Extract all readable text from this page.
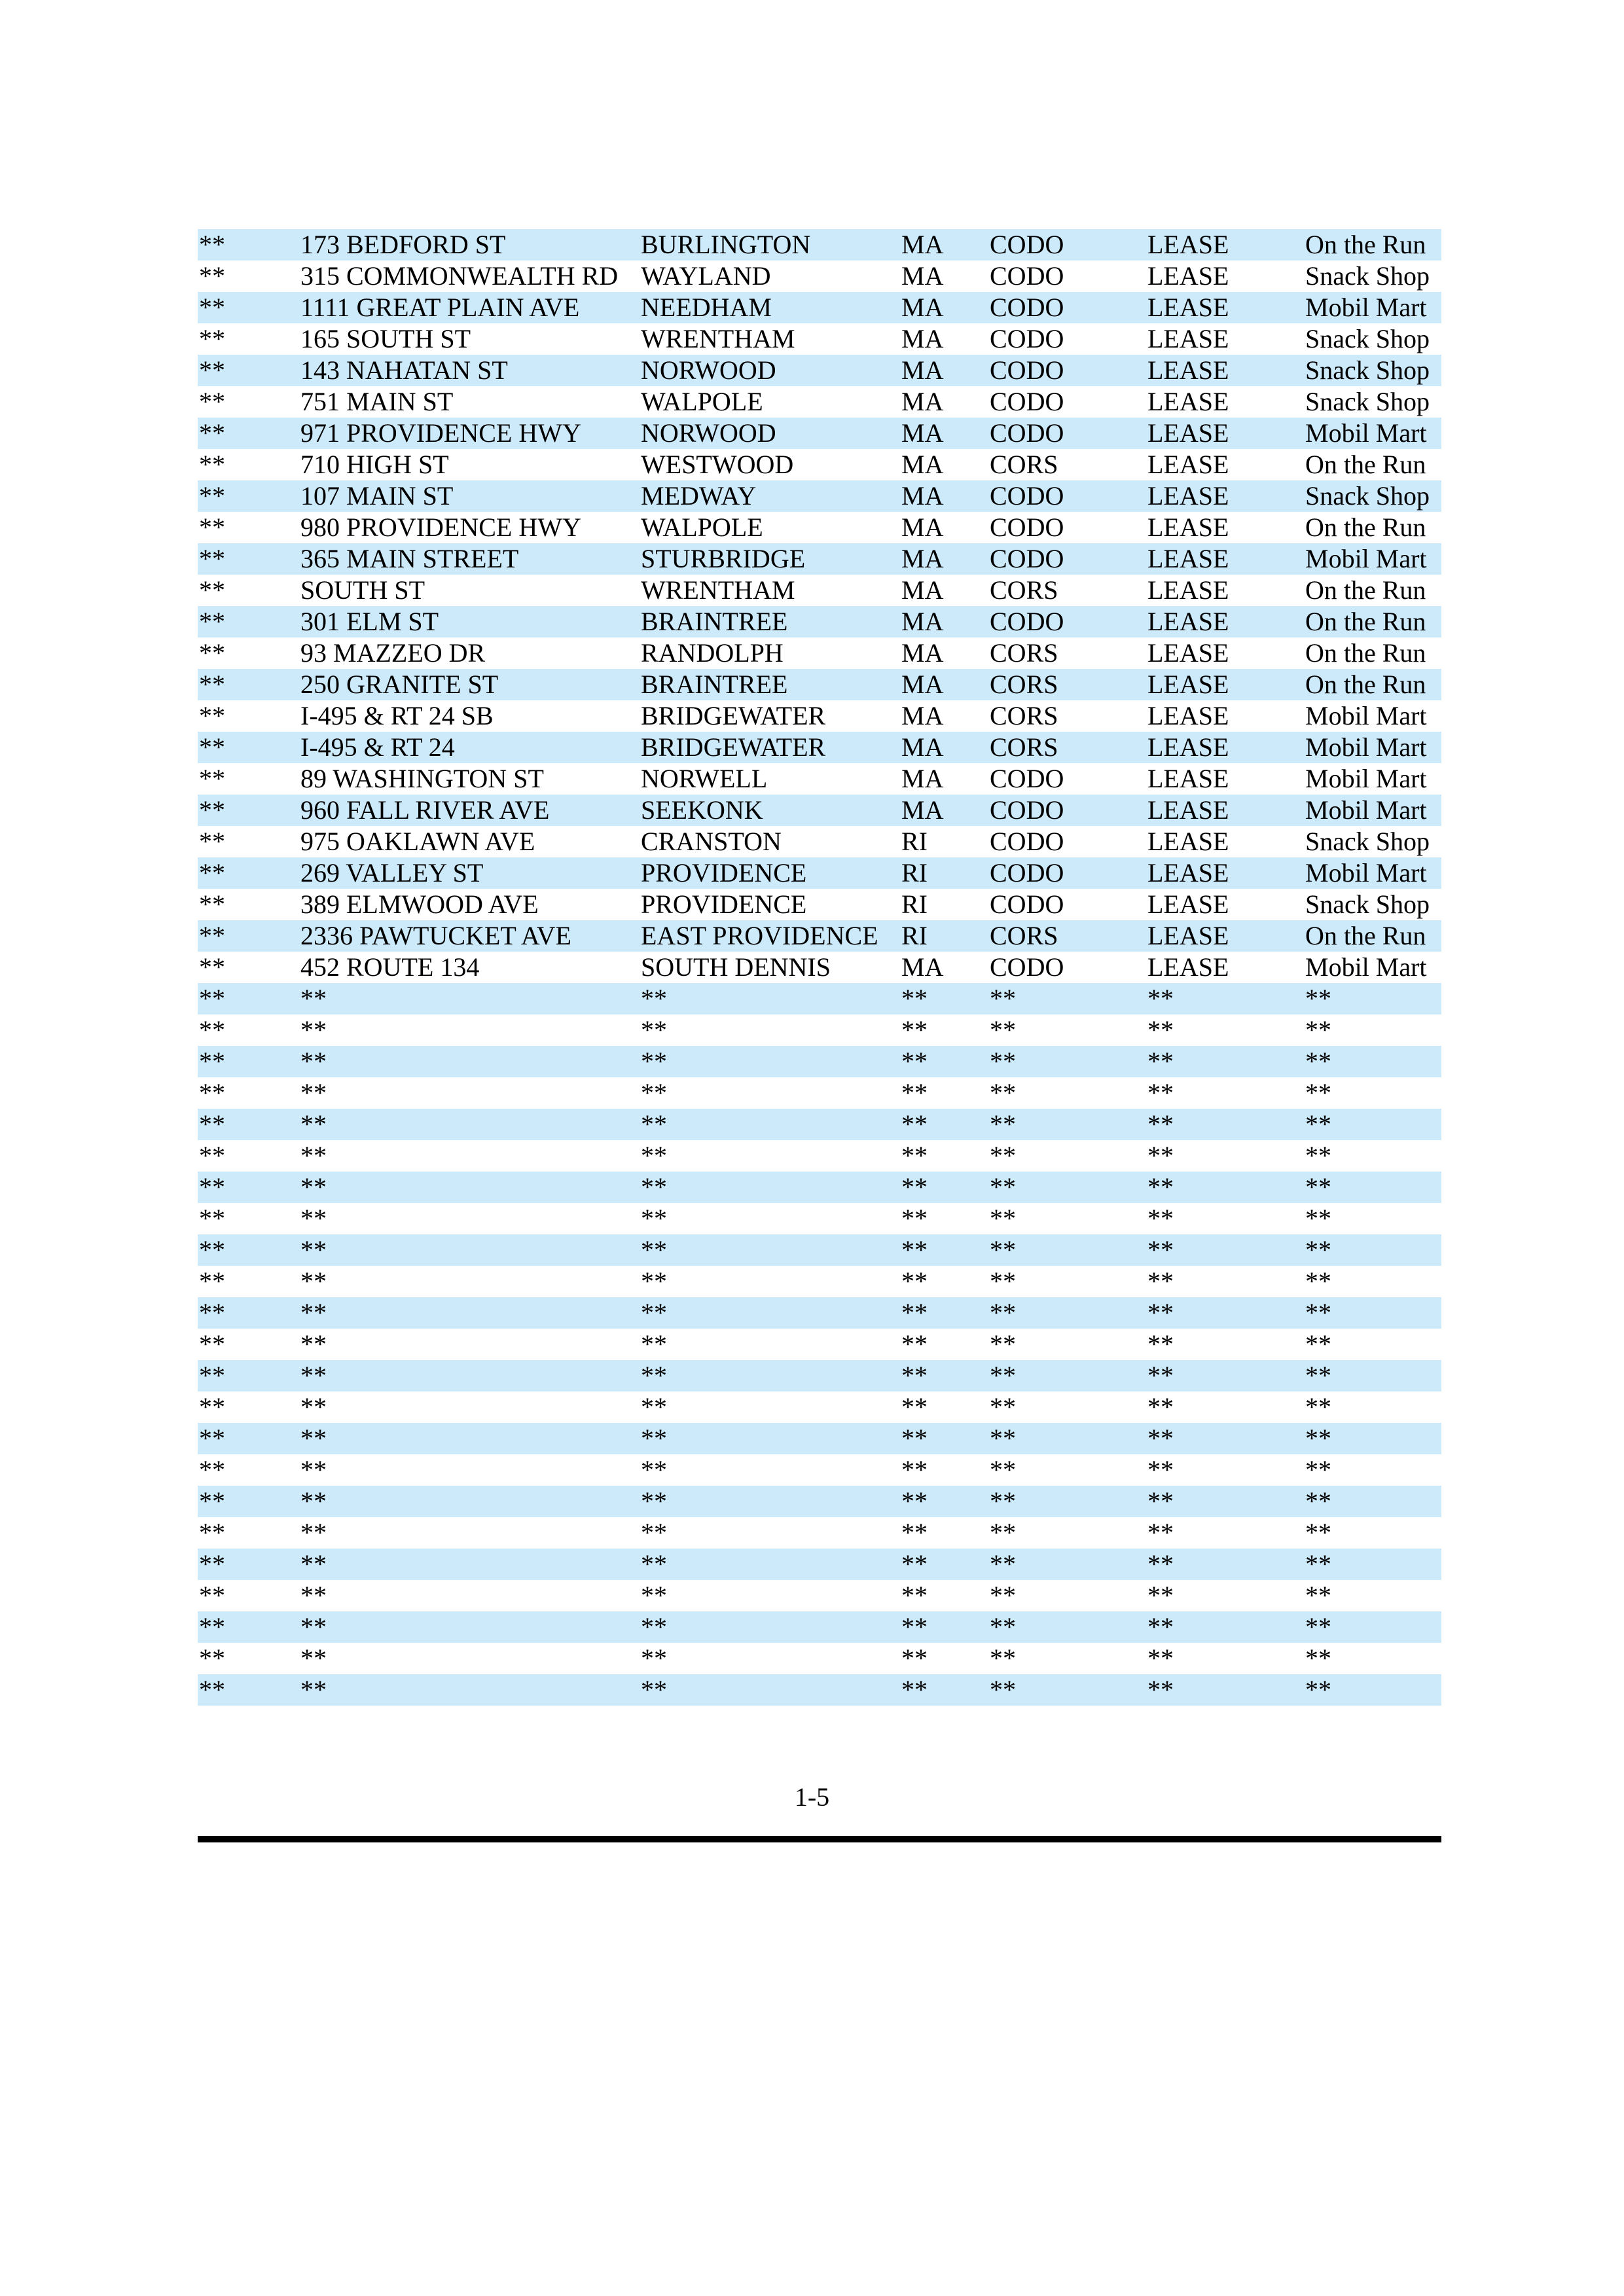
**	173 BEDFORD ST	BURLINGTON	MA	CODO	LEASE	On the Run
**	315 COMMONWEALTH RD	WAYLAND	MA	CODO	LEASE	Snack Shop
**	1111 GREAT PLAIN AVE	NEEDHAM	MA	CODO	LEASE	Mobil Mart
**	165 SOUTH ST	WRENTHAM	MA	CODO	LEASE	Snack Shop
**	143 NAHATAN ST	NORWOOD	MA	CODO	LEASE	Snack Shop
**	751 MAIN ST	WALPOLE	MA	CODO	LEASE	Snack Shop
**	971 PROVIDENCE HWY	NORWOOD	MA	CODO	LEASE	Mobil Mart
**	710 HIGH ST	WESTWOOD	MA	CORS	LEASE	On the Run
**	107 MAIN ST	MEDWAY	MA	CODO	LEASE	Snack Shop
**	980 PROVIDENCE HWY	WALPOLE	MA	CODO	LEASE	On the Run
**	365 MAIN STREET	STURBRIDGE	MA	CODO	LEASE	Mobil Mart
**	SOUTH ST	WRENTHAM	MA	CORS	LEASE	On the Run
**	301 ELM ST	BRAINTREE	MA	CODO	LEASE	On the Run
**	93 MAZZEO DR	RANDOLPH	MA	CORS	LEASE	On the Run
**	250 GRANITE ST	BRAINTREE	MA	CORS	LEASE	On the Run
**	I-495 & RT 24 SB	BRIDGEWATER	MA	CORS	LEASE	Mobil Mart
**	I-495 & RT 24	BRIDGEWATER	MA	CORS	LEASE	Mobil Mart
**	89 WASHINGTON ST	NORWELL	MA	CODO	LEASE	Mobil Mart
**	960 FALL RIVER AVE	SEEKONK	MA	CODO	LEASE	Mobil Mart
**	975 OAKLAWN AVE	CRANSTON	RI	CODO	LEASE	Snack Shop
**	269 VALLEY ST	PROVIDENCE	RI	CODO	LEASE	Mobil Mart
**	389 ELMWOOD AVE	PROVIDENCE	RI	CODO	LEASE	Snack Shop
**	2336 PAWTUCKET AVE	EAST PROVIDENCE	RI	CORS	LEASE	On the Run
**	452 ROUTE 134	SOUTH DENNIS	MA	CODO	LEASE	Mobil Mart
**	**	**	**	**	**	**
**	**	**	**	**	**	**
**	**	**	**	**	**	**
**	**	**	**	**	**	**
**	**	**	**	**	**	**
**	**	**	**	**	**	**
**	**	**	**	**	**	**
**	**	**	**	**	**	**
**	**	**	**	**	**	**
**	**	**	**	**	**	**
**	**	**	**	**	**	**
**	**	**	**	**	**	**
**	**	**	**	**	**	**
**	**	**	**	**	**	**
**	**	**	**	**	**	**
**	**	**	**	**	**	**
**	**	**	**	**	**	**
**	**	**	**	**	**	**
**	**	**	**	**	**	**
**	**	**	**	**	**	**
**	**	**	**	**	**	**
**	**	**	**	**	**	**
**	**	**	**	**	**	**
1-5
